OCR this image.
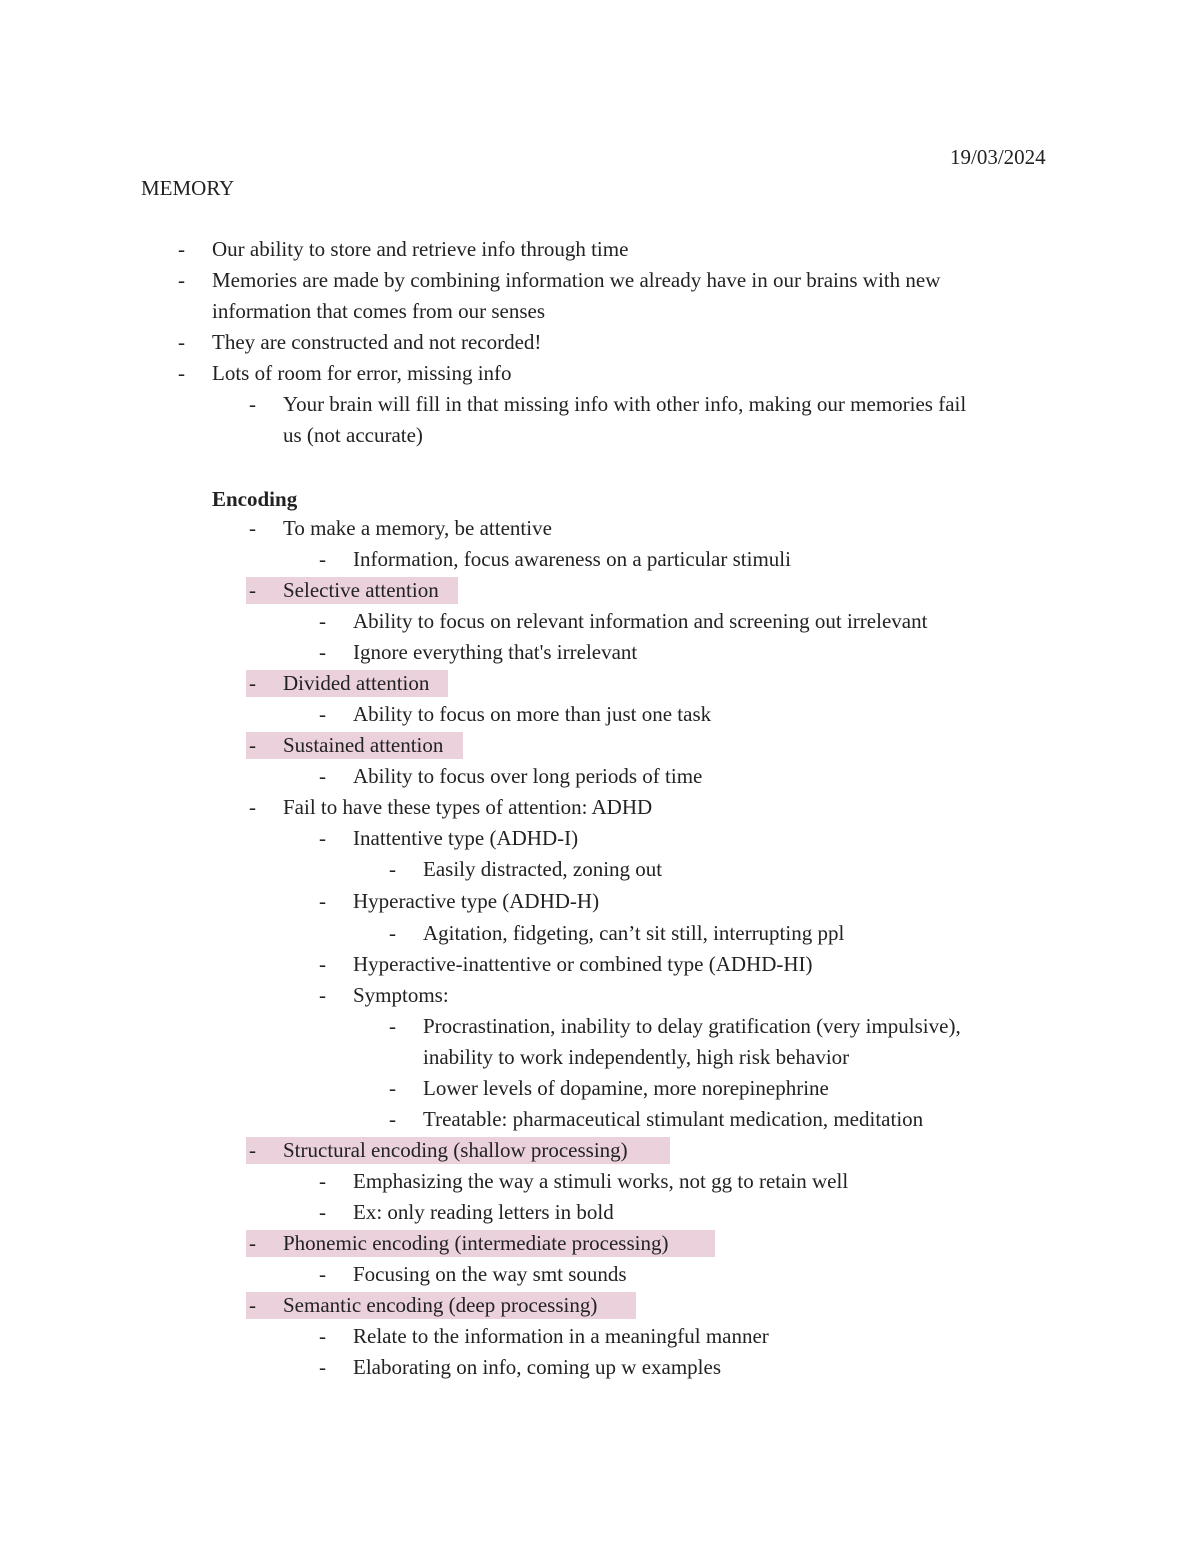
19/03/2024
MEMORY
- Our ability to store and retrieve info through time
- Memories are made by combining information we already have in our brains with new
information that comes from our senses
- They are constructed and not recorded!
- Lots of room for error, missing info
- Your brain will fill in that missing info with other info, making our memories fail
us (not accurate)
Encoding
- To make a memory, be attentive
- Information, focus awareness on a particular stimuli
- Selective attention
- Ability to focus on relevant information and screening out irrelevant
- Ignore everything that's irrelevant
- Divided attention
- Ability to focus on more than just one task
- Sustained attention
- Ability to focus over long periods of time
- Fail to have these types of attention: ADHD
- Inattentive type (ADHD-I)
- Easily distracted, zoning out
- Hyperactive type (ADHD-H)
- Agitation, fidgeting, can’t sit still, interrupting ppl
- Hyperactive-inattentive or combined type (ADHD-HI)
- Symptoms:
- Procrastination, inability to delay gratification (very impulsive),
inability to work independently, high risk behavior
- Lower levels of dopamine, more norepinephrine
- Treatable: pharmaceutical stimulant medication, meditation
- Structural encoding (shallow processing)
- Emphasizing the way a stimuli works, not gg to retain well
- Ex: only reading letters in bold
- Phonemic encoding (intermediate processing)
- Focusing on the way smt sounds
- Semantic encoding (deep processing)
- Relate to the information in a meaningful manner
- Elaborating on info, coming up w examples
